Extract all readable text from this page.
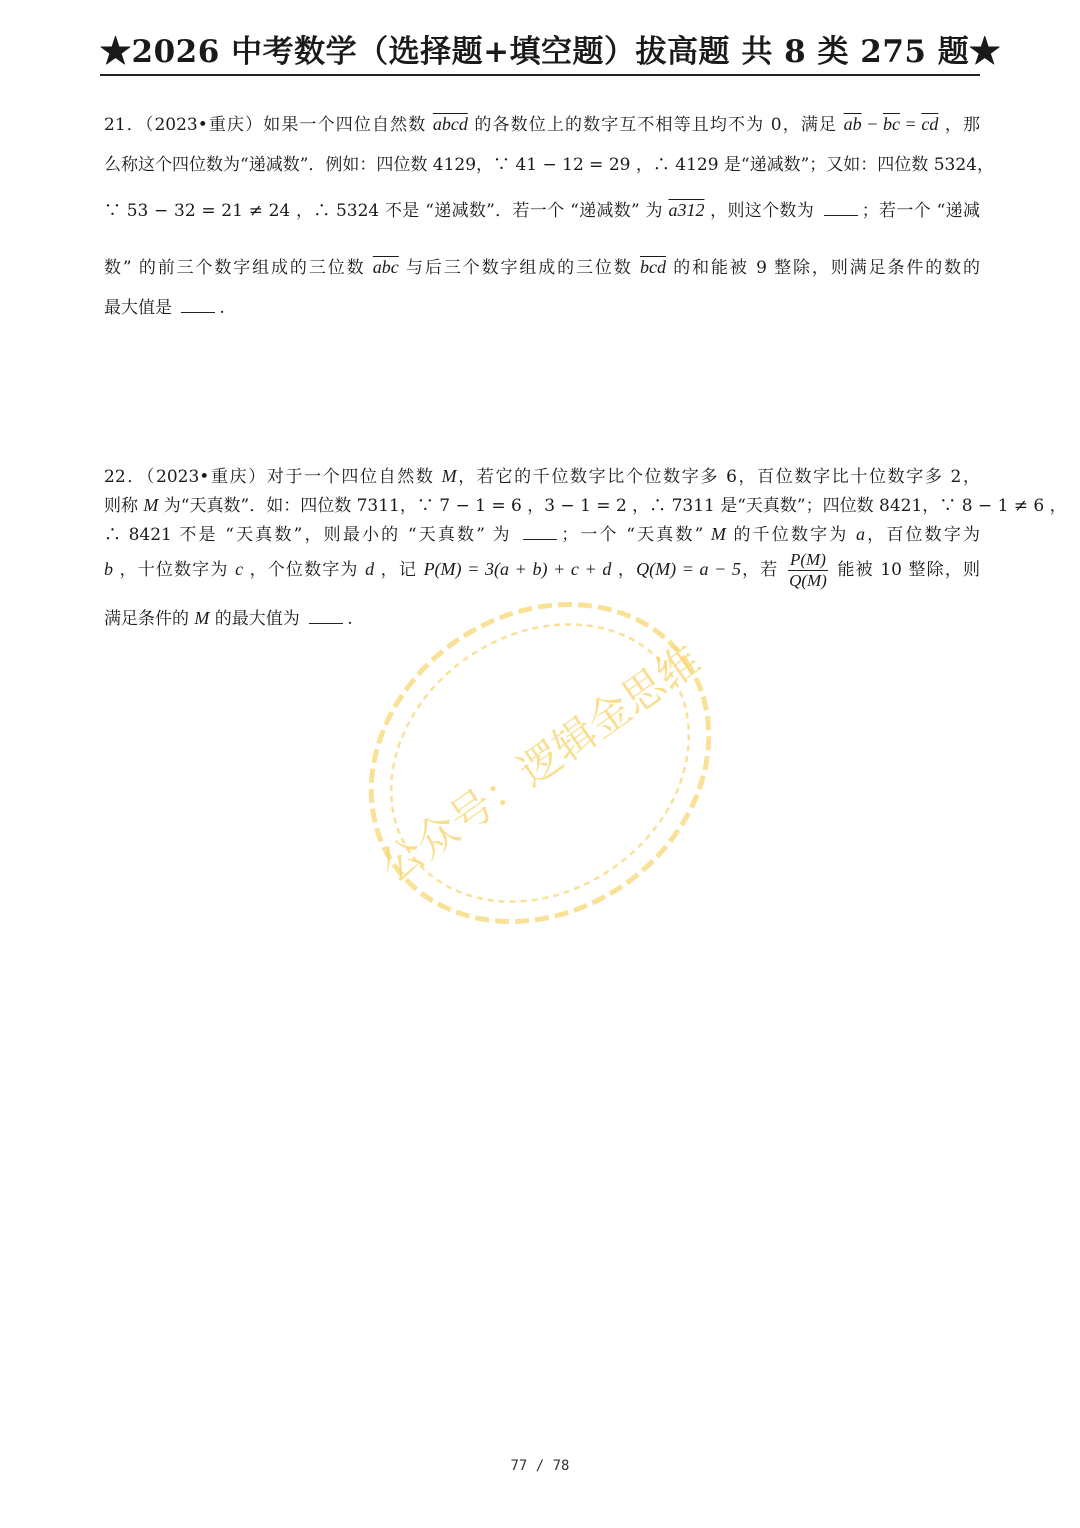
★2026 中考数学（选择题+填空题）拔高题 共 8 类 275 题★
21．（2023•重庆）如果一个四位自然数 abcd 的各数位上的数字互不相等且均不为 0，满足 $\overline{ab} - \overline{bc} = \overline{cd}$ ，那
么称这个四位数为“递减数”．例如：四位数 4129，∵ 41 − 12 = 29 ，∴ 4129 是“递减数”；又如：四位数 5324，
∵ 53 − 32 = 21 ≠ 24 ，∴ 5324 不是 “递减数”．若一个 “递减数” 为 a312 ，则这个数为 ；若一个 “递减
数” 的前三个数字组成的三位数 $\overline{abc}$ 与后三个数字组成的三位数 $\overline{bcd}$ 的和能被 9 整除，则满足条件的数的
最大值是 .
22．（2023•重庆）对于一个四位自然数 M，若它的千位数字比个位数字多 6，百位数字比十位数字多 2，
则称 M 为“天真数”．如：四位数 7311，∵ 7 − 1 = 6 ，3 − 1 = 2 ，∴ 7311 是“天真数”；四位数 8421，∵ 8 − 1 ≠ 6 ，
∴ 8421 不是 “天真数”，则最小的 “天真数” 为 ；一个 “天真数” M 的千位数字为 a，百位数字为
b ，十位数字为 c ，个位数字为 d ，记 P(M) = 3(a + b) + c + d ，Q(M) = a − 5，若 $\frac{P(M)}{Q(M)}$ 能被 10 整除，则
满足条件的 M 的最大值为 .
公众号：逻辑金思维
77 / 78
